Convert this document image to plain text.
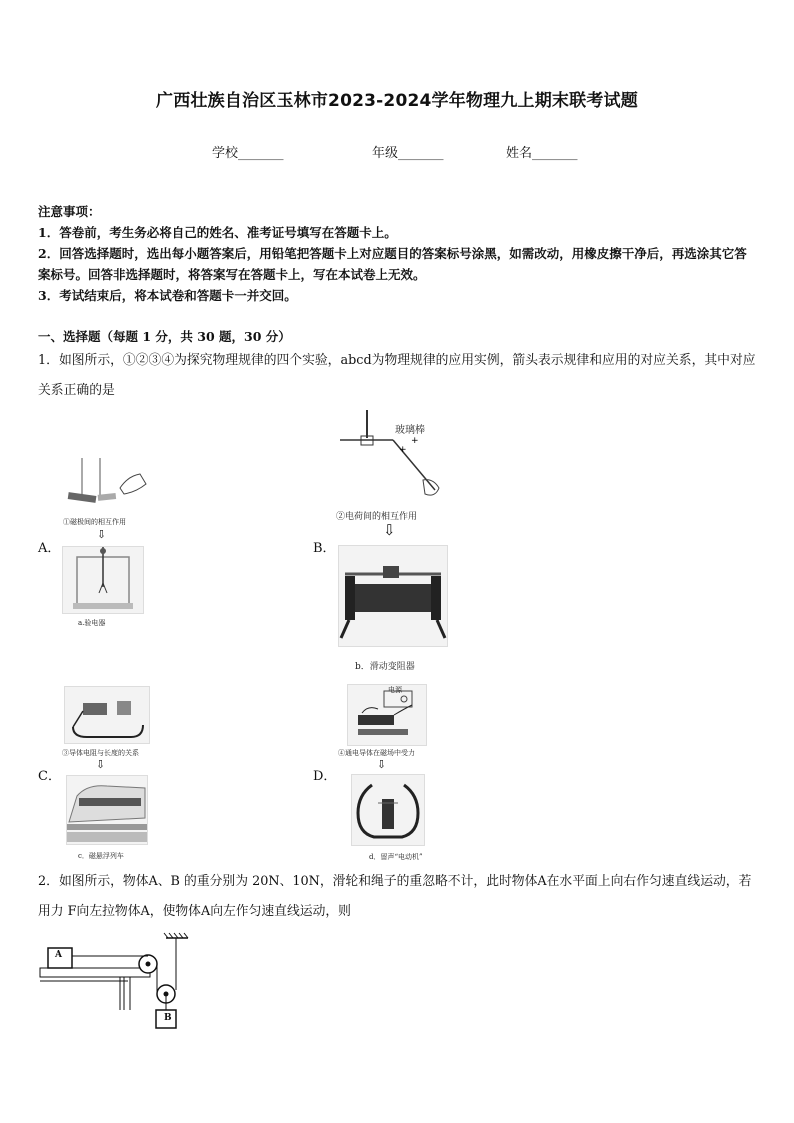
广西壮族自治区玉林市2023-2024学年物理九上期末联考试题
学校_______	年级_______	姓名_______
注意事项：
1．答卷前，考生务必将自己的姓名、准考证号填写在答题卡上。
2．回答选择题时，选出每小题答案后，用铅笔把答题卡上对应题目的答案标号涂黑，如需改动，用橡皮擦干净后，再选涂其它答案标号。回答非选择题时，将答案写在答题卡上，写在本试卷上无效。
3．考试结束后，将本试卷和答题卡一并交回。
一、选择题（每题 1 分，共 30 题，30 分）
1．如图所示，①②③④为探究物理规律的四个实验，abcd为物理规律的应用实例，箭头表示规律和应用的对应关系，其中对应关系正确的是
A．
①磁极间的相互作用
⇩
a.验电器
B．
+
+
玻璃棒
②电荷间的相互作用
⇩
b．滑动变阻器
C．
③导体电阻与长度的关系
⇩
c．磁悬浮列车
D．
电源
④通电导体在磁场中受力
⇩
d．留声“电动机”
2．如图所示，物体A、B 的重分别为 20N、10N，滑轮和绳子的重忽略不计，此时物体A在水平面上向右作匀速直线运动，若用力 F向左拉物体A，使物体A向左作匀速直线运动，则
A
B
